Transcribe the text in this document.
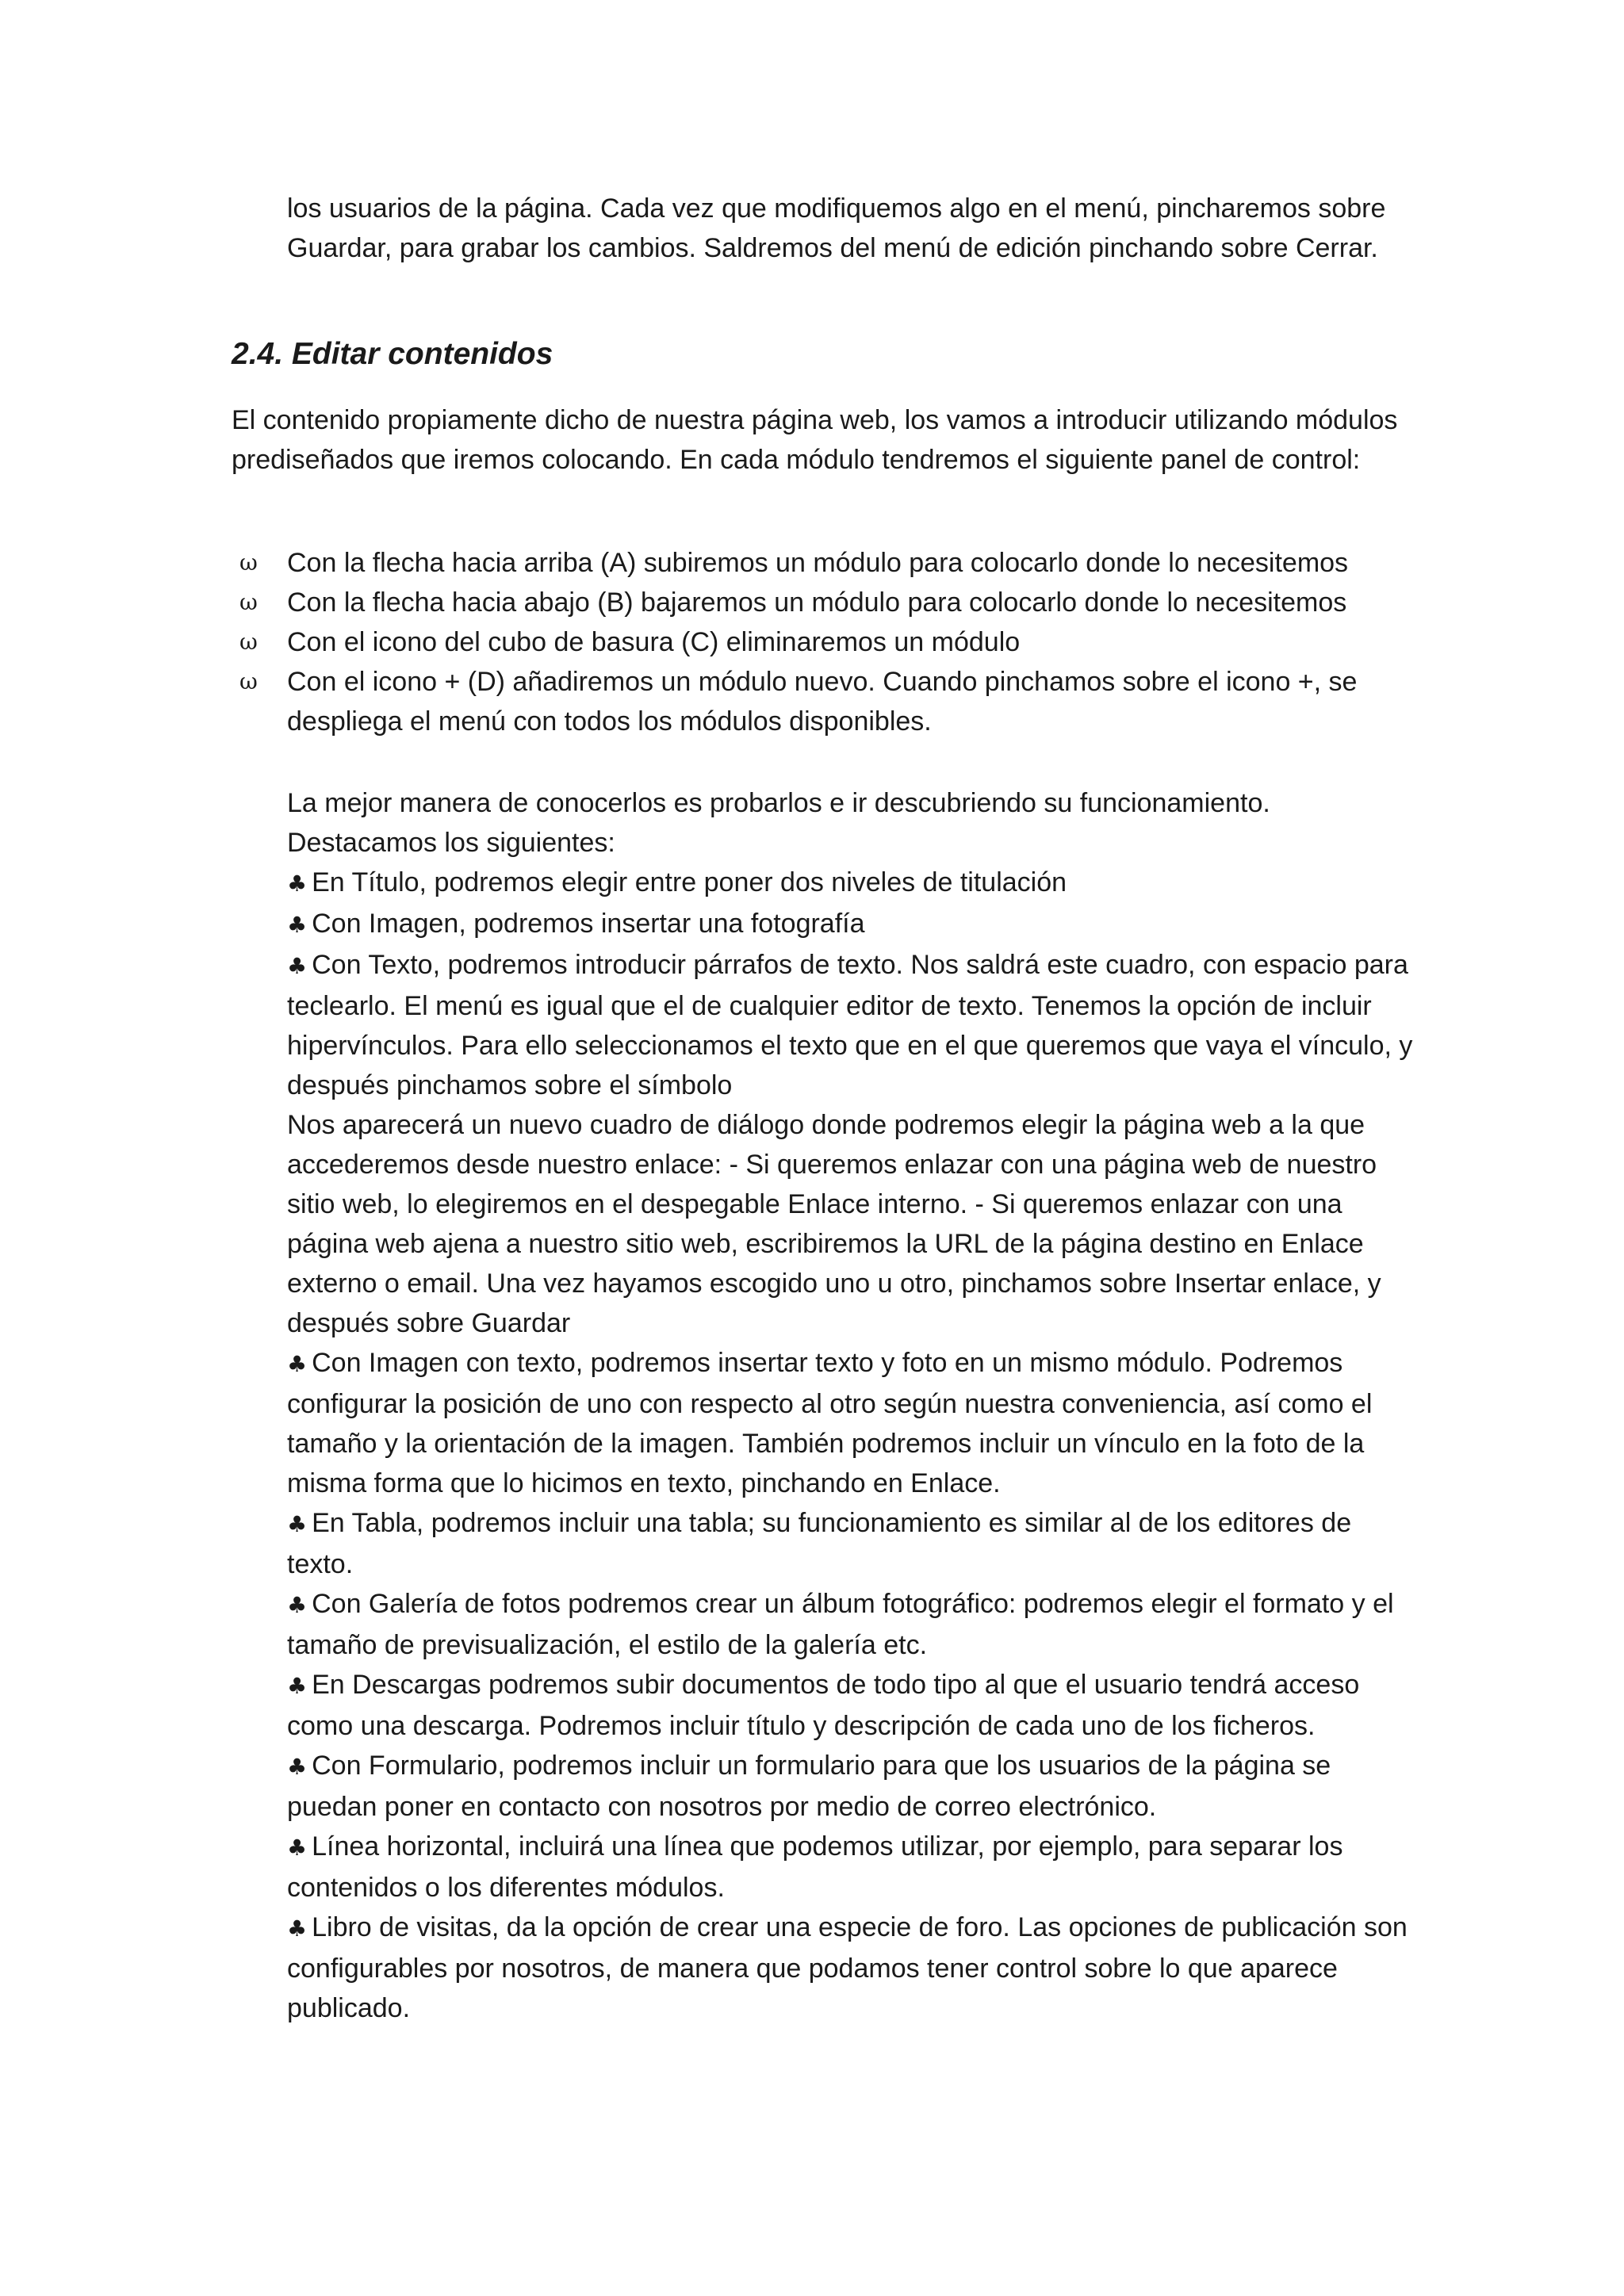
los usuarios de la página. Cada vez que modifiquemos algo en el menú, pincharemos sobre Guardar, para grabar los cambios. Saldremos del menú de edición pinchando sobre Cerrar.

2.4. Editar contenidos

El contenido propiamente dicho de nuestra página web, los vamos a introducir utilizando módulos prediseñados que iremos colocando. En cada módulo tendremos el siguiente panel de control:

ω Con la flecha hacia arriba (A) subiremos un módulo para colocarlo donde lo necesitemos
ω Con la flecha hacia abajo (B) bajaremos un módulo para colocarlo donde lo necesitemos
ω Con el icono del cubo de basura (C) eliminaremos un módulo
ω Con el icono + (D) añadiremos un módulo nuevo. Cuando pinchamos sobre el icono +, se despliega el menú con todos los módulos disponibles.

La mejor manera de conocerlos es probarlos e ir descubriendo su funcionamiento. Destacamos los siguientes:

♣ En Título, podremos elegir entre poner dos niveles de titulación

♣ Con Imagen, podremos insertar una fotografía

♣ Con Texto, podremos introducir párrafos de texto. Nos saldrá este cuadro, con espacio para teclearlo. El menú es igual que el de cualquier editor de texto. Tenemos la opción de incluir hipervínculos. Para ello seleccionamos el texto que en el que queremos que vaya el vínculo, y después pinchamos sobre el símbolo

Nos aparecerá un nuevo cuadro de diálogo donde podremos elegir la página web a la que accederemos desde nuestro enlace: - Si queremos enlazar con una página web de nuestro sitio web, lo elegiremos en el despegable Enlace interno. - Si queremos enlazar con una página web ajena a nuestro sitio web, escribiremos la URL de la página destino en Enlace externo o email. Una vez hayamos escogido uno u otro, pinchamos sobre Insertar enlace, y después sobre Guardar

♣ Con Imagen con texto, podremos insertar texto y foto en un mismo módulo. Podremos configurar la posición de uno con respecto al otro según nuestra conveniencia, así como el tamaño y la orientación de la imagen. También podremos incluir un vínculo en la foto de la misma forma que lo hicimos en texto, pinchando en Enlace.

♣ En Tabla, podremos incluir una tabla; su funcionamiento es similar al de los editores de texto.

♣ Con Galería de fotos podremos crear un álbum fotográfico: podremos elegir el formato y el tamaño de previsualización, el estilo de la galería etc.

♣ En Descargas podremos subir documentos de todo tipo al que el usuario tendrá acceso como una descarga. Podremos incluir título y descripción de cada uno de los ficheros.

♣ Con Formulario, podremos incluir un formulario para que los usuarios de la página se puedan poner en contacto con nosotros por medio de correo electrónico.

♣ Línea horizontal, incluirá una línea que podemos utilizar, por ejemplo, para separar los contenidos o los diferentes módulos.

♣ Libro de visitas, da la opción de crear una especie de foro. Las opciones de publicación son configurables por nosotros, de manera que podamos tener control sobre lo que aparece publicado.
